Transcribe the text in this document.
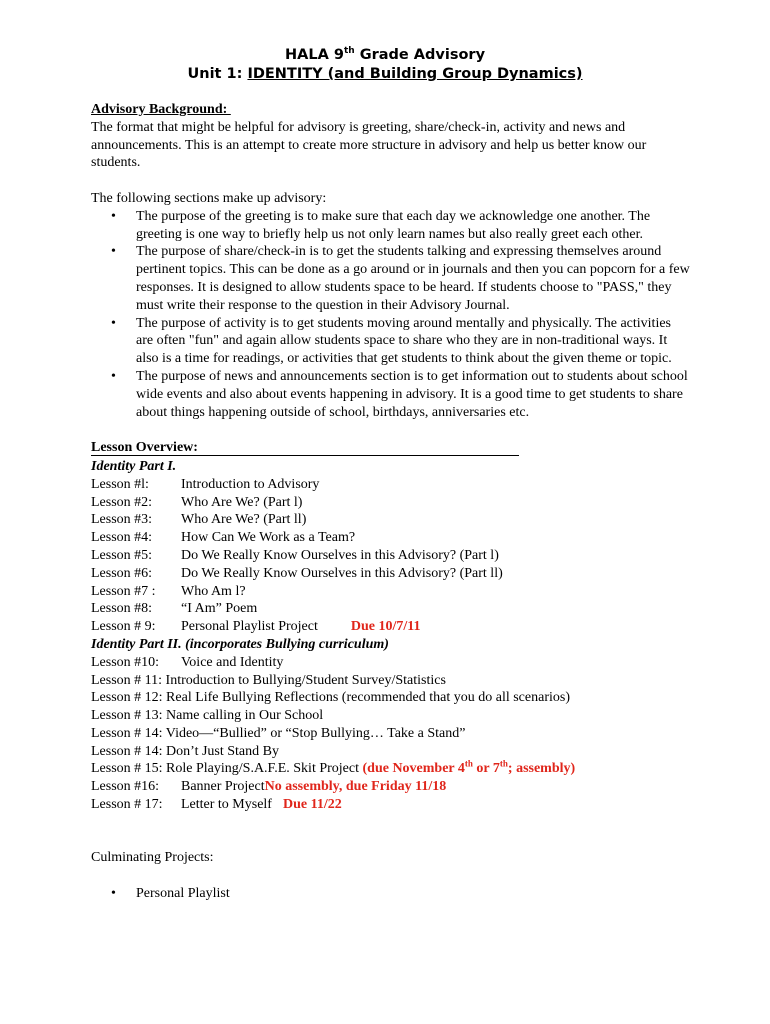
HALA 9th Grade Advisory
Unit 1: IDENTITY (and Building Group Dynamics)
Advisory Background:
The format that might be helpful for advisory is greeting, share/check-in, activity and news and announcements. This is an attempt to create more structure in advisory and help us better know our students.
The following sections make up advisory:
• The purpose of the greeting is to make sure that each day we acknowledge one another. The greeting is one way to briefly help us not only learn names but also really greet each other.
• The purpose of share/check-in is to get the students talking and expressing themselves around pertinent topics. This can be done as a go around or in journals and then you can popcorn for a few responses. It is designed to allow students space to be heard. If students choose to "PASS," they must write their response to the question in their Advisory Journal.
• The purpose of activity is to get students moving around mentally and physically. The activities are often "fun" and again allow students space to share who they are in non-traditional ways. It also is a time for readings, or activities that get students to think about the given theme or topic.
• The purpose of news and announcements section is to get information out to students about school wide events and also about events happening in advisory. It is a good time to get students to share about things happening outside of school, birthdays, anniversaries etc.
Lesson Overview:
Identity Part I.
Lesson #l:	Introduction to Advisory
Lesson #2:	Who Are We? (Part l)
Lesson #3:	Who Are We? (Part ll)
Lesson #4:	How Can We Work as a Team?
Lesson #5:	Do We Really Know Ourselves in this Advisory? (Part l)
Lesson #6:	Do We Really Know Ourselves in this Advisory? (Part ll)
Lesson #7 :	Who Am l?
Lesson #8:	“I Am” Poem
Lesson # 9:	Personal Playlist Project Due 10/7/11
Identity Part II. (incorporates Bullying curriculum)
Lesson #10:	Voice and Identity
Lesson # 11: Introduction to Bullying/Student Survey/Statistics
Lesson # 12: Real Life Bullying Reflections (recommended that you do all scenarios)
Lesson # 13: Name calling in Our School
Lesson # 14: Video—“Bullied” or “Stop Bullying… Take a Stand”
Lesson # 14: Don’t Just Stand By
Lesson # 15: Role Playing/S.A.F.E. Skit Project (due November 4th or 7th; assembly)
Lesson #16:	Banner Project No assembly, due Friday 11/18
Lesson # 17:	Letter to Myself Due 11/22
Culminating Projects:
• Personal Playlist
